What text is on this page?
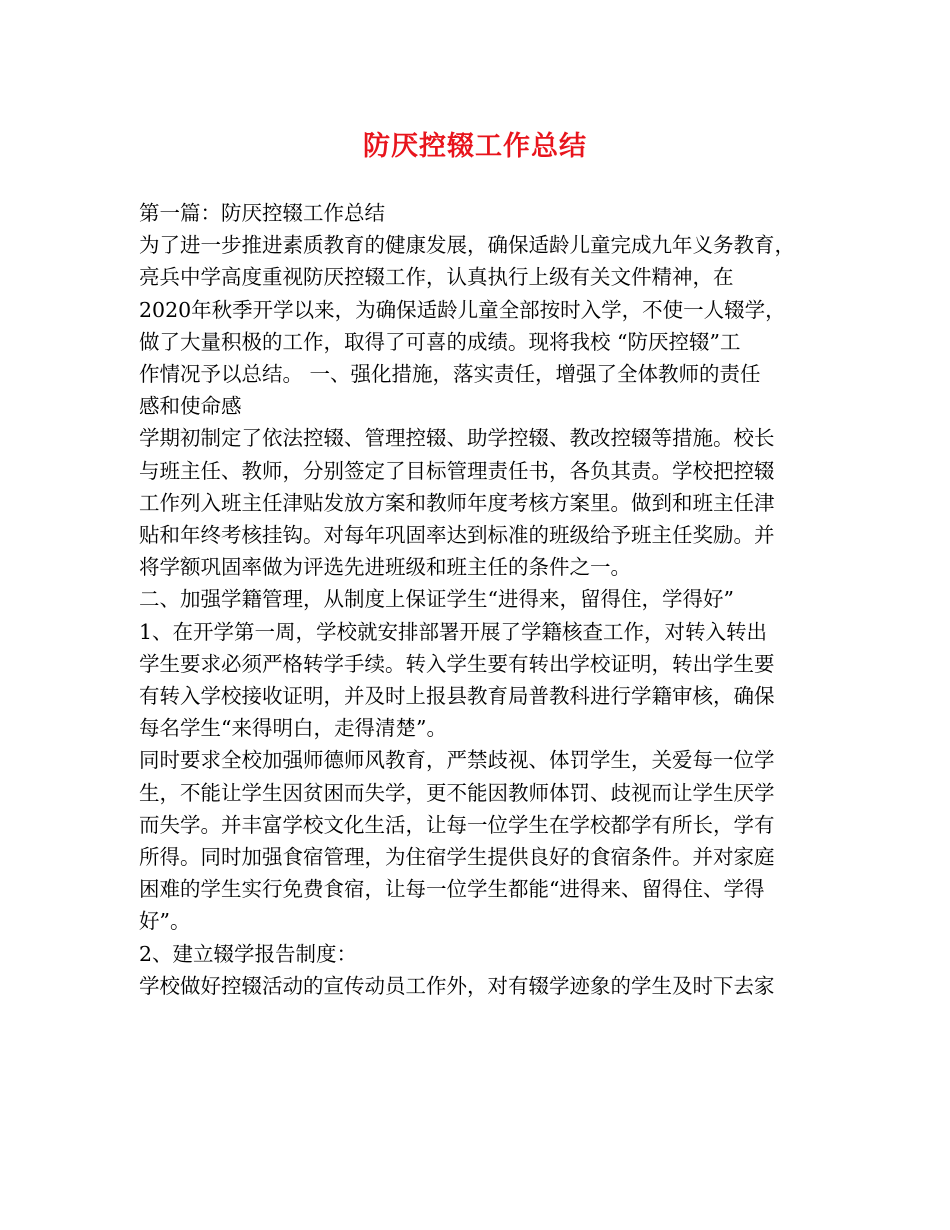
防厌控辍工作总结

第一篇：防厌控辍工作总结

为了进一步推进素质教育的健康发展，确保适龄儿童完成九年义务教育，

亮兵中学高度重视防厌控辍工作，认真执行上级有关文件精神，在

2020年秋季开学以来，为确保适龄儿童全部按时入学，不使一人辍学，

做了大量积极的工作，取得了可喜的成绩。现将我校 “防厌控辍”工

作情况予以总结。 一、强化措施，落实责任，增强了全体教师的责任

感和使命感

学期初制定了依法控辍、管理控辍、助学控辍、教改控辍等措施。校长

与班主任、教师，分别签定了目标管理责任书，各负其责。学校把控辍

工作列入班主任津贴发放方案和教师年度考核方案里。做到和班主任津

贴和年终考核挂钩。对每年巩固率达到标准的班级给予班主任奖励。并

将学额巩固率做为评选先进班级和班主任的条件之一。

二、加强学籍管理，从制度上保证学生“进得来，留得住，学得好”

1、在开学第一周，学校就安排部署开展了学籍核查工作，对转入转出

学生要求必须严格转学手续。转入学生要有转出学校证明，转出学生要

有转入学校接收证明，并及时上报县教育局普教科进行学籍审核，确保

每名学生“来得明白，走得清楚”。

同时要求全校加强师德师风教育，严禁歧视、体罚学生，关爱每一位学

生，不能让学生因贫困而失学，更不能因教师体罚、歧视而让学生厌学

而失学。并丰富学校文化生活，让每一位学生在学校都学有所长，学有

所得。同时加强食宿管理，为住宿学生提供良好的食宿条件。并对家庭

困难的学生实行免费食宿，让每一位学生都能“进得来、留得住、学得

好”。

2、建立辍学报告制度：

学校做好控辍活动的宣传动员工作外，对有辍学迹象的学生及时下去家
